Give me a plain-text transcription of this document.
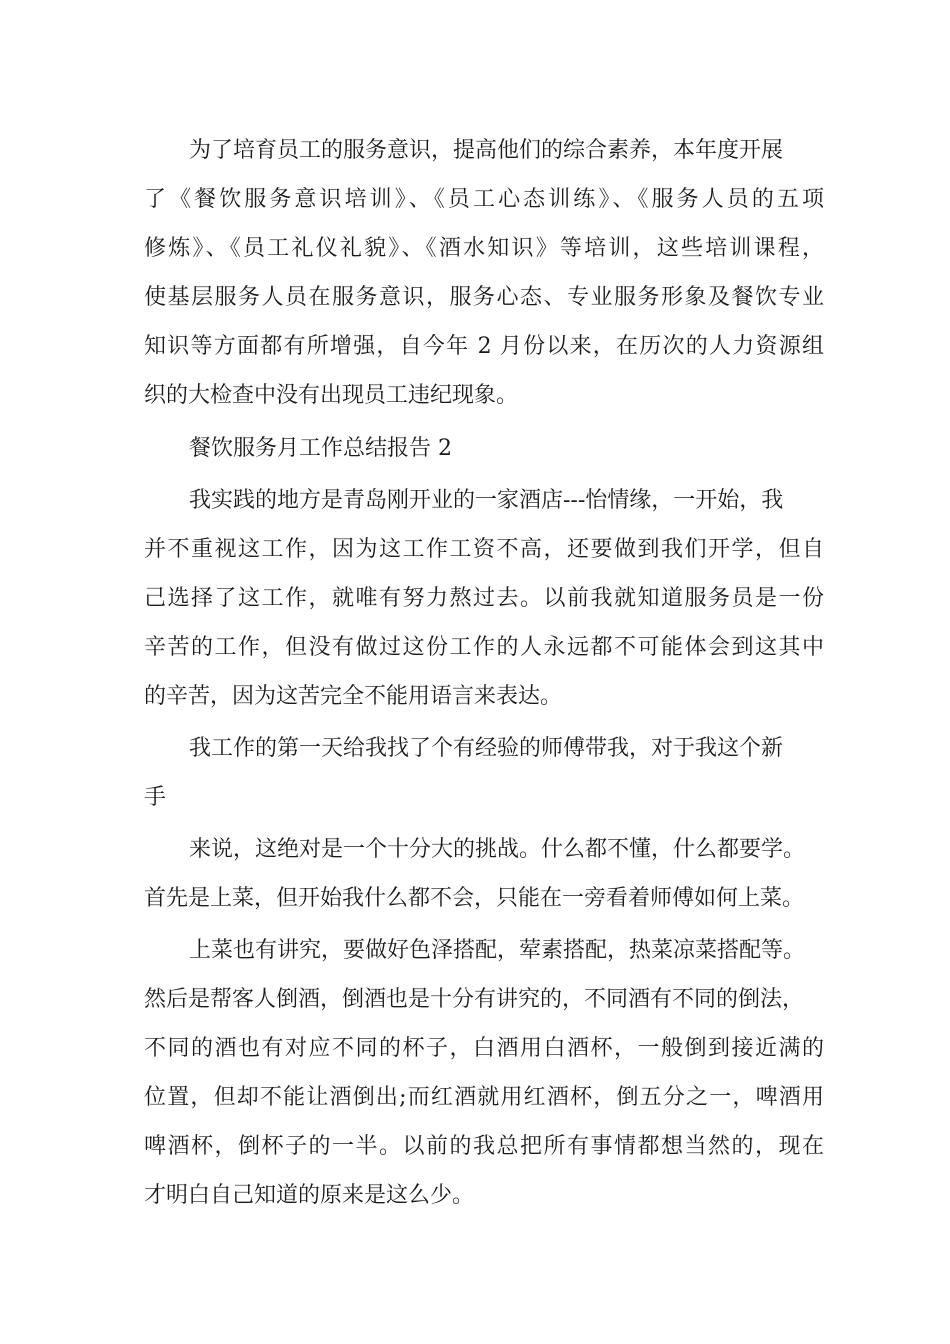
为了培育员工的服务意识，提高他们的综合素养，本年度开展
了《餐饮服务意识培训》、《员工心态训练》、《服务人员的五项
修炼》、《员工礼仪礼貌》、《酒水知识》等培训，这些培训课程，
使基层服务人员在服务意识，服务心态、专业服务形象及餐饮专业
知识等方面都有所增强，自今年 2 月份以来，在历次的人力资源组
织的大检查中没有出现员工违纪现象。
餐饮服务月工作总结报告 2
我实践的地方是青岛刚开业的一家酒店---怡情缘，一开始，我
并不重视这工作，因为这工作工资不高，还要做到我们开学，但自
己选择了这工作，就唯有努力熬过去。以前我就知道服务员是一份
辛苦的工作，但没有做过这份工作的人永远都不可能体会到这其中
的辛苦，因为这苦完全不能用语言来表达。
我工作的第一天给我找了个有经验的师傅带我，对于我这个新
手
来说，这绝对是一个十分大的挑战。什么都不懂，什么都要学。
首先是上菜，但开始我什么都不会，只能在一旁看着师傅如何上菜。
上菜也有讲究，要做好色泽搭配，荤素搭配，热菜凉菜搭配等。
然后是帮客人倒酒，倒酒也是十分有讲究的，不同酒有不同的倒法，
不同的酒也有对应不同的杯子，白酒用白酒杯，一般倒到接近满的
位置，但却不能让酒倒出;而红酒就用红酒杯，倒五分之一，啤酒用
啤酒杯，倒杯子的一半。以前的我总把所有事情都想当然的，现在
才明白自己知道的原来是这么少。
